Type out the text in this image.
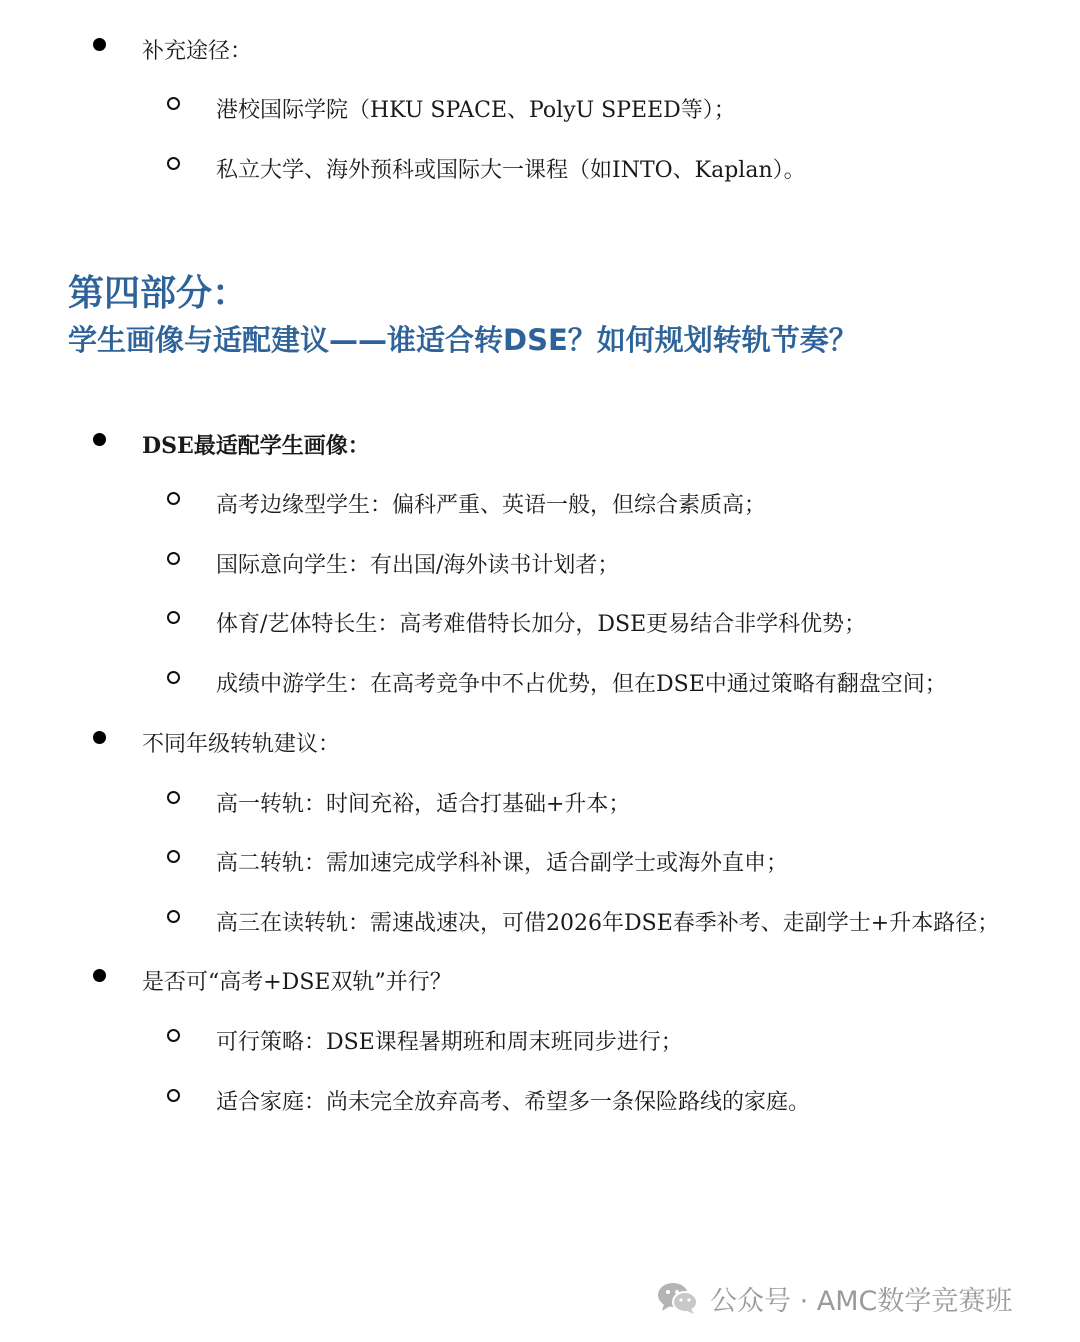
补充途径：
港校国际学院（HKU SPACE、PolyU SPEED等）；
私立大学、海外预科或国际大一课程（如INTO、Kaplan）。
第四部分：
学生画像与适配建议——谁适合转DSE？如何规划转轨节奏？
DSE最适配学生画像：
高考边缘型学生：偏科严重、英语一般，但综合素质高；
国际意向学生：有出国/海外读书计划者；
体育/艺体特长生：高考难借特长加分，DSE更易结合非学科优势；
成绩中游学生：在高考竞争中不占优势，但在DSE中通过策略有翻盘空间；
不同年级转轨建议：
高一转轨：时间充裕，适合打基础+升本；
高二转轨：需加速完成学科补课，适合副学士或海外直申；
高三在读转轨：需速战速决，可借2026年DSE春季补考、走副学士+升本路径；
是否可“高考+DSE双轨”并行？
可行策略：DSE课程暑期班和周末班同步进行；
适合家庭：尚未完全放弃高考、希望多一条保险路线的家庭。
公众号 · AMC数学竞赛班
